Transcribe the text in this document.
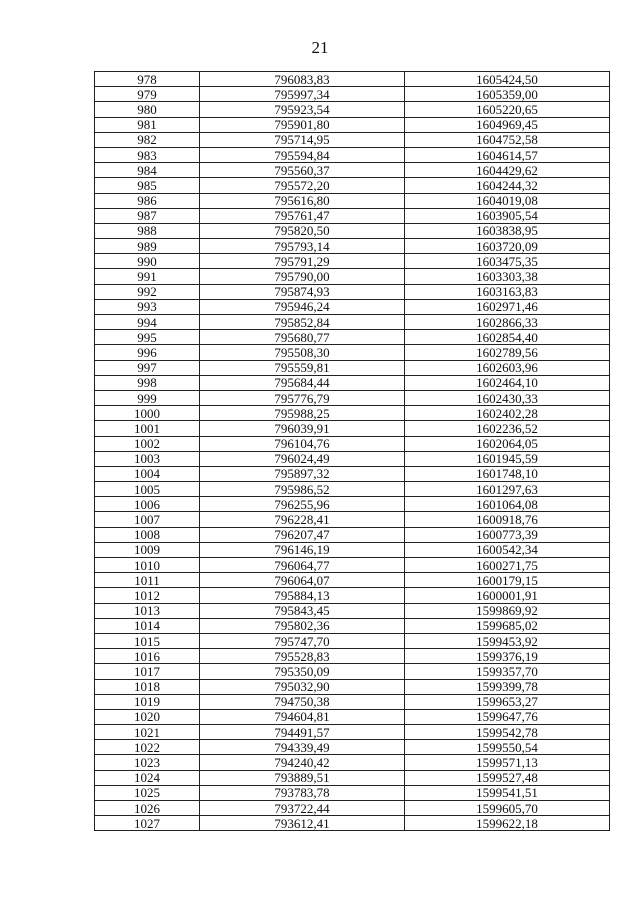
21
978	796083,83	1605424,50
979	795997,34	1605359,00
980	795923,54	1605220,65
981	795901,80	1604969,45
982	795714,95	1604752,58
983	795594,84	1604614,57
984	795560,37	1604429,62
985	795572,20	1604244,32
986	795616,80	1604019,08
987	795761,47	1603905,54
988	795820,50	1603838,95
989	795793,14	1603720,09
990	795791,29	1603475,35
991	795790,00	1603303,38
992	795874,93	1603163,83
993	795946,24	1602971,46
994	795852,84	1602866,33
995	795680,77	1602854,40
996	795508,30	1602789,56
997	795559,81	1602603,96
998	795684,44	1602464,10
999	795776,79	1602430,33
1000	795988,25	1602402,28
1001	796039,91	1602236,52
1002	796104,76	1602064,05
1003	796024,49	1601945,59
1004	795897,32	1601748,10
1005	795986,52	1601297,63
1006	796255,96	1601064,08
1007	796228,41	1600918,76
1008	796207,47	1600773,39
1009	796146,19	1600542,34
1010	796064,77	1600271,75
1011	796064,07	1600179,15
1012	795884,13	1600001,91
1013	795843,45	1599869,92
1014	795802,36	1599685,02
1015	795747,70	1599453,92
1016	795528,83	1599376,19
1017	795350,09	1599357,70
1018	795032,90	1599399,78
1019	794750,38	1599653,27
1020	794604,81	1599647,76
1021	794491,57	1599542,78
1022	794339,49	1599550,54
1023	794240,42	1599571,13
1024	793889,51	1599527,48
1025	793783,78	1599541,51
1026	793722,44	1599605,70
1027	793612,41	1599622,18
